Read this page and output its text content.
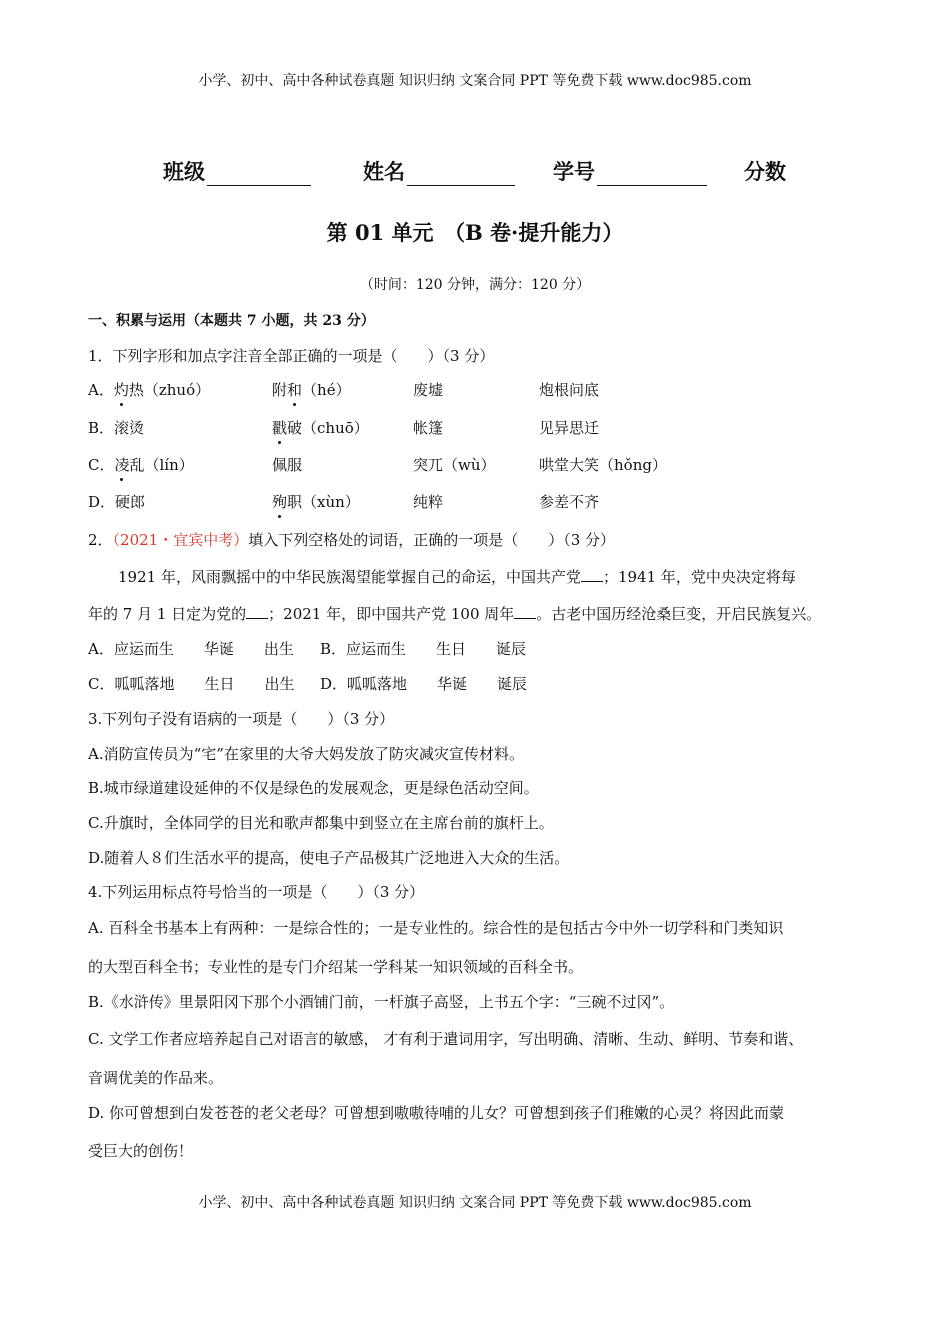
小学、初中、高中各种试卷真题 知识归纳 文案合同 PPT 等免费下载 www.doc985.com
班级	姓名	学号	分数
第 01 单元　（B 卷·提升能力）
（时间：120 分钟，满分：120 分）
一、积累与运用（本题共 7 小题，共 23 分）
1．下列字形和加点字注音全部正确的一项是（　　）（3 分）
A．灼热（zhuó）	附和（hé）	废墟	炮根问底
B．滚烫	戳破（chuō）	帐篷	见异思迁
C．凌乱（lín）	佩服	突兀（wù）	哄堂大笑（hǒng）
D．硬郎	殉职（xùn）	纯粹	参差不齐
2．（2021・宜宾中考）填入下列空格处的词语，正确的一项是（　　）（3 分）
1921 年，风雨飘摇中的中华民族渴望能掌握自己的命运，中国共产党 ；1941 年，党中央决定将每
年的 7 月 1 日定为党的 ；2021 年，即中国共产党 100 周年 。古老中国历经沧桑巨变，开启民族复兴。
A．应运而生　　华诞　　出生 B．应运而生　　生日　　诞辰
C．呱呱落地　　生日　　出生 D．呱呱落地　　华诞　　诞辰
3.下列句子没有语病的一项是（　　）（3 分）
A.消防宣传员为“宅”在家里的大爷大妈发放了防灾减灾宣传材料。
B.城市绿道建设延伸的不仅是绿色的发展观念，更是绿色活动空间。
C.升旗时，全体同学的目光和歌声都集中到竖立在主席台前的旗杆上。
D.随着人８们生活水平的提高，使电子产品极其广泛地进入大众的生活。
4.下列运用标点符号恰当的一项是（　　）（3 分）
A. 百科全书基本上有两种：一是综合性的；一是专业性的。综合性的是包括古今中外一切学科和门类知识
的大型百科全书；专业性的是专门介绍某一学科某一知识领域的百科全书。
B.《水浒传》里景阳冈下那个小酒铺门前，一杆旗子高竖，上书五个字：“三碗不过冈”。
C. 文学工作者应培养起自己对语言的敏感， 才有利于遣词用字，写出明确、清晰、生动、鲜明、节奏和谐、
音调优美的作品来。
D. 你可曾想到白发苍苍的老父老母？可曾想到嗷嗷待哺的儿女？可曾想到孩子们稚嫩的心灵？将因此而蒙
受巨大的创伤！
小学、初中、高中各种试卷真题 知识归纳 文案合同 PPT 等免费下载 www.doc985.com
